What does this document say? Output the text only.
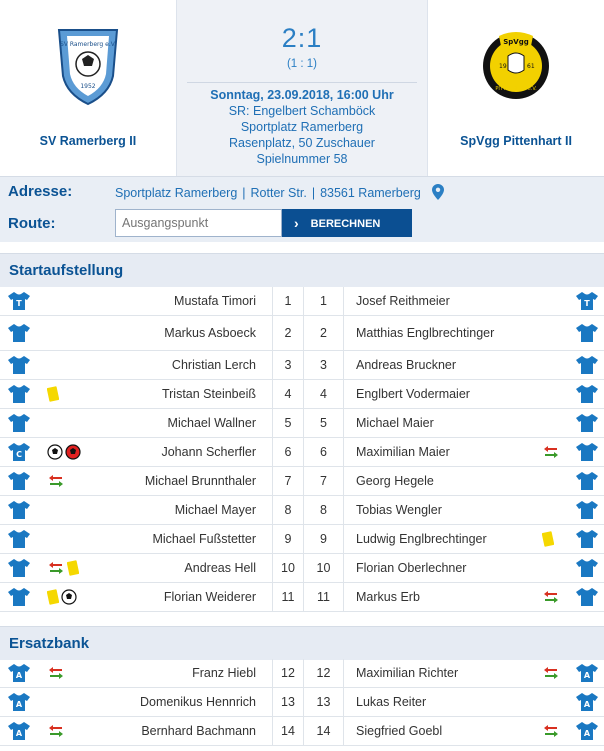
SV Ramerberg e.V.
1952
SV Ramerberg II
2:1
(1 : 1)
Sonntag, 23.09.2018, 16:00 Uhr
SR: Engelbert Schamböck
Sportplatz Ramerberg
Rasenplatz, 50 Zuschauer
Spielnummer 58
SpVgg
19	61
PITTENHART e.V.
SpVgg Pittenhart II
Adresse:	Sportplatz Ramerberg | Rotter Str. | 83561 Ramerberg
Route:
Ausgangspunkt	› BERECHNEN
Startaufstellung
T	Mustafa Timori	1	1	Josef Reithmeier	T
Markus Asboeck	2	2	Matthias Englbrechtinger
Christian Lerch	3	3	Andreas Bruckner
Tristan Steinbeiß	4	4	Englbert Vodermaier
Michael Wallner	5	5	Michael Maier
C	Johann Scherfler	6	6	Maximilian Maier
Michael Brunnthaler	7	7	Georg Hegele
Michael Mayer	8	8	Tobias Wengler
Michael Fußstetter	9	9	Ludwig Englbrechtinger
Andreas Hell	10	10	Florian Oberlechner
Florian Weiderer	11	11	Markus Erb
Ersatzbank
A	Franz Hiebl	12	12	Maximilian Richter	A
A	Domenikus Hennrich	13	13	Lukas Reiter	A
A	Bernhard Bachmann	14	14	Siegfried Goebl	A
